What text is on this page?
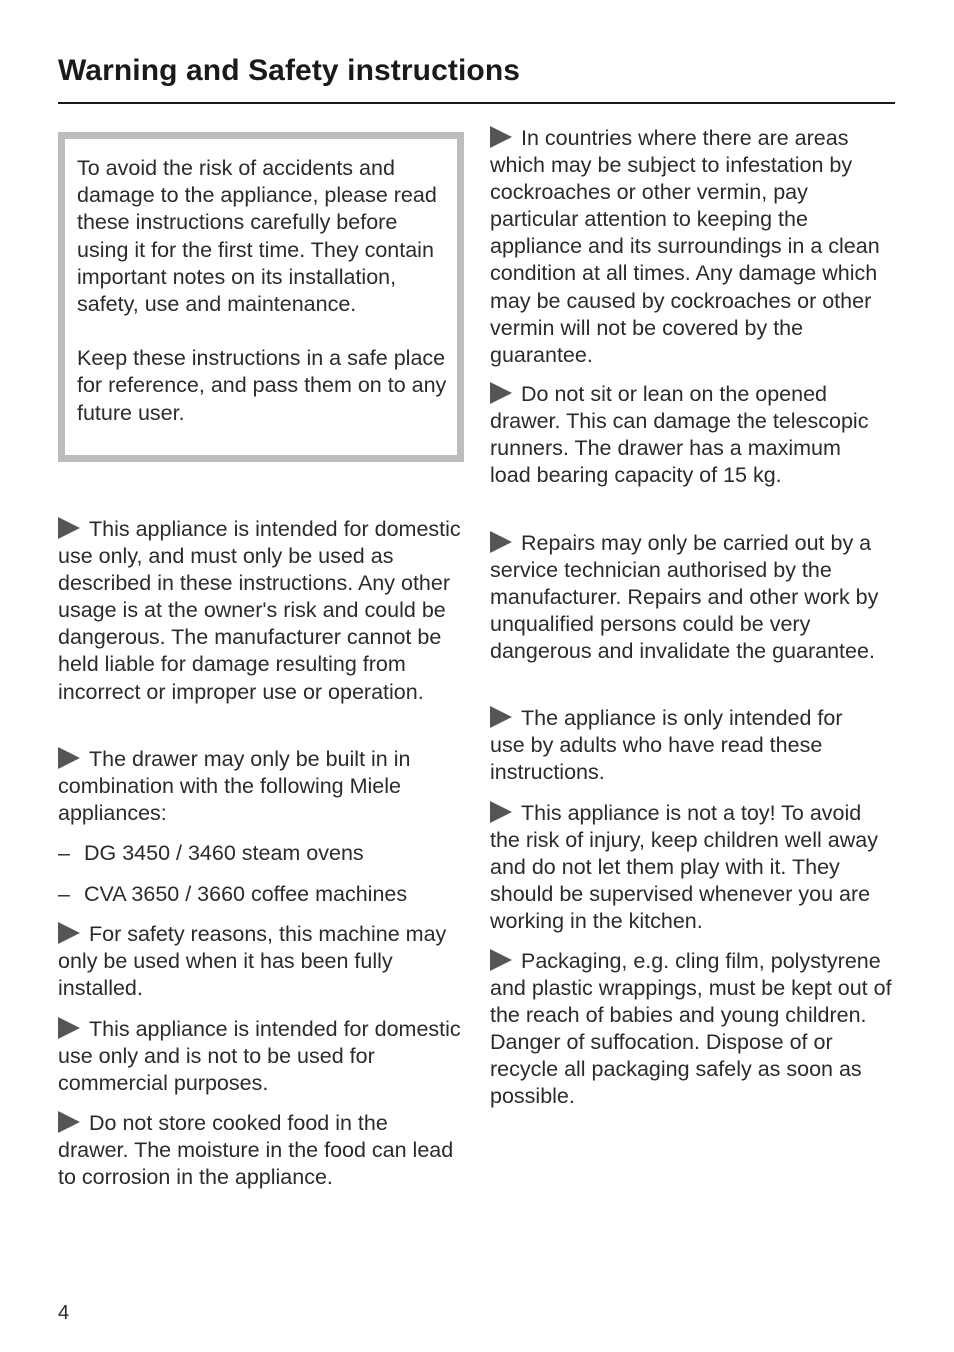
Warning and Safety instructions

To avoid the risk of accidents and damage to the appliance, please read these instructions carefully before using it for the first time. They contain important notes on its installation, safety, use and maintenance.

Keep these instructions in a safe place for reference, and pass them on to any future user.

This appliance is intended for domestic use only, and must only be used as described in these instructions. Any other usage is at the owner's risk and could be dangerous. The manufacturer cannot be held liable for damage resulting from incorrect or improper use or operation.

The drawer may only be built in in combination with the following Miele appliances:

– DG 3450 / 3460 steam ovens

– CVA 3650 / 3660 coffee machines

For safety reasons, this machine may only be used when it has been fully installed.

This appliance is intended for domestic use only and is not to be used for commercial purposes.

Do not store cooked food in the drawer. The moisture in the food can lead to corrosion in the appliance.

In countries where there are areas which may be subject to infestation by cockroaches or other vermin, pay particular attention to keeping the appliance and its surroundings in a clean condition at all times. Any damage which may be caused by cockroaches or other vermin will not be covered by the guarantee.

Do not sit or lean on the opened drawer. This can damage the telescopic runners. The drawer has a maximum load bearing capacity of 15 kg.

Repairs may only be carried out by a service technician authorised by the manufacturer. Repairs and other work by unqualified persons could be very dangerous and invalidate the guarantee.

The appliance is only intended for use by adults who have read these instructions.

This appliance is not a toy! To avoid the risk of injury, keep children well away and do not let them play with it. They should be supervised whenever you are working in the kitchen.

Packaging, e.g. cling film, polystyrene and plastic wrappings, must be kept out of the reach of babies and young children. Danger of suffocation. Dispose of or recycle all packaging safely as soon as possible.

4
